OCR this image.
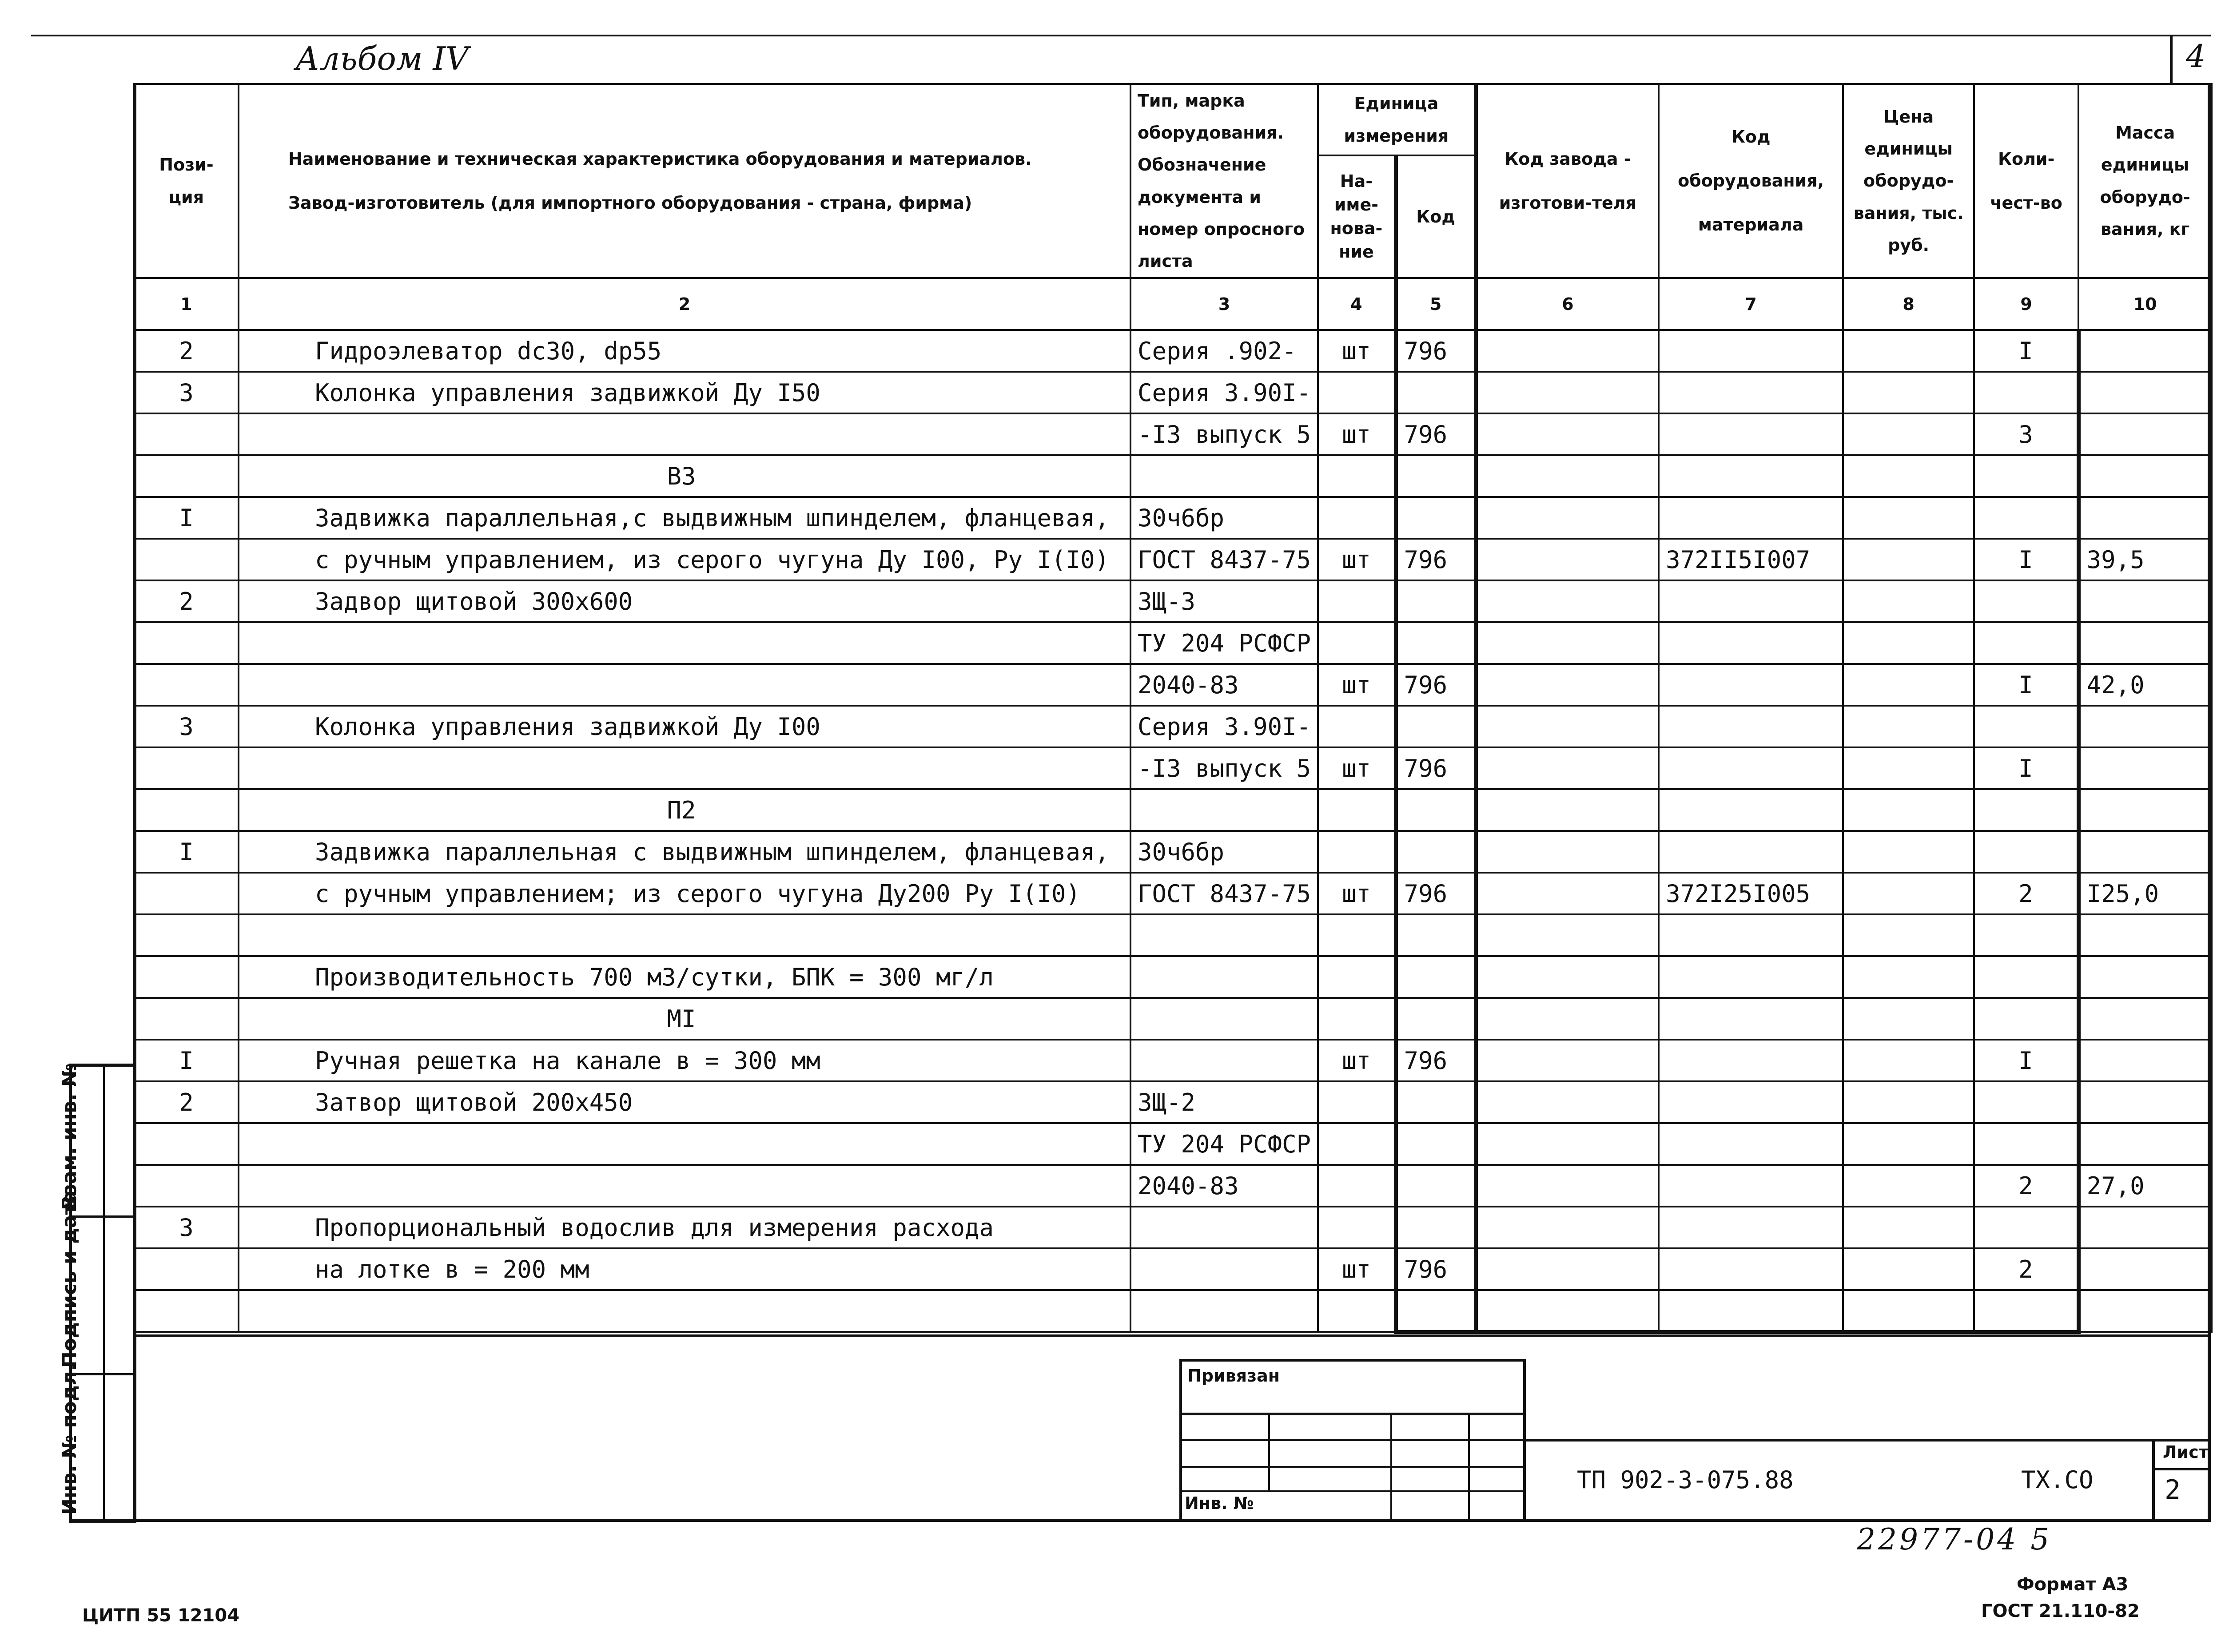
Альбом IV	4
Пози-
ция	Наименование и техническая характеристика оборудования и материалов.
Завод-изготовитель (для импортного оборудования - страна, фирма)	Тип, марка оборудования. Обозначение документа и номер опросного листа	Единица измерения		Код завода - изготови-теля	Код оборудования, материала	Цена единицы оборудо-вания, тыс. руб.	Коли-чест-во	Масса единицы оборудо-вания, кг
			На-име-нова-ние	Код					
1	2	3	4	5	6	7	8	9	10
2	Гидроэлеватор dс30, dр55	Серия .902-	шт	796				I	
3	Колонка управления задвижкой Ду I50	Серия 3.90I-							
		-I3 выпуск 5	шт	796				3	
	В3								
I	Задвижка параллельная,с выдвижным шпинделем, фланцевая,	30ч6бр							
	с ручным управлением, из серого чугуна Ду I00, Ру I(I0)	ГОСТ 8437-75	шт	796		372II5I007		I	39,5
2	Задвор щитовой 300х600	ЗЩ-3							
		ТУ 204 РСФСР							
		2040-83	шт	796				I	42,0
3	Колонка управления задвижкой Ду I00	Серия 3.90I-							
		-I3 выпуск 5	шт	796				I	
	П2								
I	Задвижка параллельная с выдвижным шпинделем, фланцевая,	30ч6бр							
	с ручным управлением; из серого чугуна Ду200 Ру I(I0)	ГОСТ 8437-75	шт	796		372I25I005		2	I25,0

	Производительность 700 м3/сутки, БПК = 300 мг/л								
	МI								
I	Ручная решетка на канале в = 300 мм		шт	796				I	
2	Затвор щитовой 200х450	ЗЩ-2							
		ТУ 204 РСФСР							
		2040-83						2	27,0
3	Пропорциональный водослив для измерения расхода								
	на лотке в = 200 мм		шт	796				2	

Взам. инв. №
Подпись и дата
Инв. № подл.	Привязан
Инв. №
ТП 902-3-075.88	ТХ.СО
Лист
2
22977-04 5
Формат А3
ГОСТ 21.110-82
ЦИТП 55 12104
